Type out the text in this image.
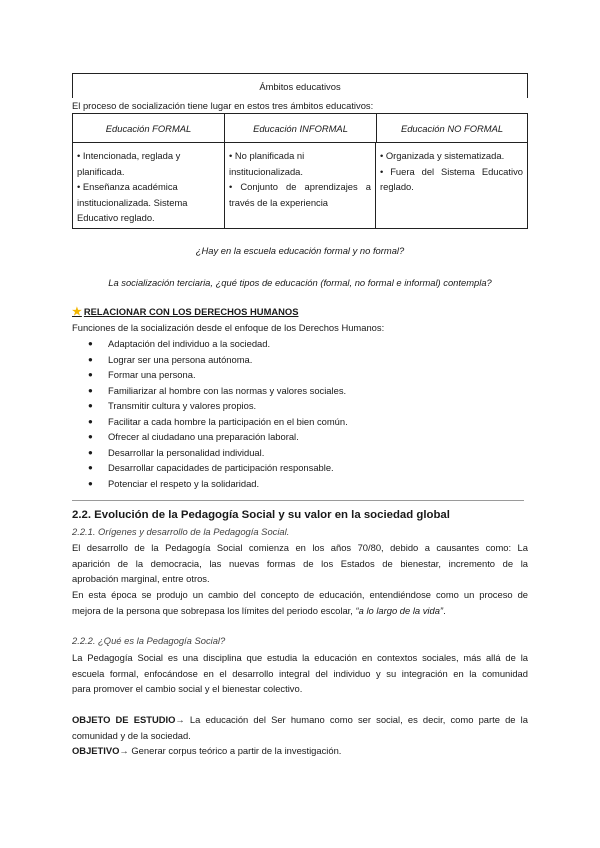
Ámbitos educativos
El proceso de socialización tiene lugar en estos tres ámbitos educativos:
Educación FORMAL	Educación INFORMAL	Educación NO FORMAL

• Intencionada, reglada y

planificada.

• Enseñanza académica

institucionalizada. Sistema

Educativo reglado.

• No planificada ni

institucionalizada.

• Conjunto de aprendizajes a

través de la experiencia

• Organizada y sistematizada.

• Fuera del Sistema Educativo

reglado.

¿Hay en la escuela educación formal y no formal?
La socialización terciaria, ¿qué tipos de educación (formal, no formal e informal) contempla?
★ RELACIONAR CON LOS DERECHOS HUMANOS
Funciones de la socialización desde el enfoque de los Derechos Humanos:
● Adaptación del individuo a la sociedad.
● Lograr ser una persona autónoma.
● Formar una persona.
● Familiarizar al hombre con las normas y valores sociales.
● Transmitir cultura y valores propios.
● Facilitar a cada hombre la participación en el bien común.
● Ofrecer al ciudadano una preparación laboral.
● Desarrollar la personalidad individual.
● Desarrollar capacidades de participación responsable.
● Potenciar el respeto y la solidaridad.
2.2. Evolución de la Pedagogía Social y su valor en la sociedad global
2.2.1. Orígenes y desarrollo de la Pedagogía Social.

El desarrollo de la Pedagogía Social comienza en los años 70/80, debido a causantes como: La

aparición de la democracia, las nuevas formas de los Estados de bienestar, incremento de la

aprobación marginal, entre otros.

En esta época se produjo un cambio del concepto de educación, entendiéndose como un proceso de

mejora de la persona que sobrepasa los límites del periodo escolar, “a lo largo de la vida”.

2.2.2. ¿Qué es la Pedagogía Social?

La Pedagogía Social es una disciplina que estudia la educación en contextos sociales, más allá de la

escuela formal, enfocándose en el desarrollo integral del individuo y su integración en la comunidad

para promover el cambio social y el bienestar colectivo.

OBJETO DE ESTUDIO→ La educación del Ser humano como ser social, es decir, como parte de la

comunidad y de la sociedad.

OBJETIVO→ Generar corpus teórico a partir de la investigación.
